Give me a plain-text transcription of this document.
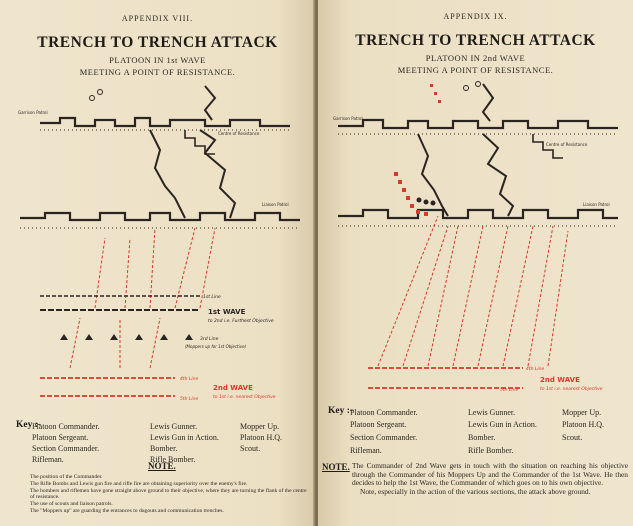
APPENDIX VIII.
TRENCH TO TRENCH ATTACK
PLATOON IN 1st WAVE
MEETING A POINT OF RESISTANCE.
Garrison Patrol
Centre of Resistance
Liaison Patrol
1st Line
1st WAVE
to 2nd i.e. Furthest Objective
3rd Line
(Moppers up for 1st Objective)
4th Line
5th Line
2nd WAVE
to 1st i.e. nearest Objective
Key :-
Platoon Commander.	Lewis Gunner.	Mopper Up.
Platoon Sergeant.	Lewis Gun in Action.	Platoon H.Q.
Section Commander.	Bomber.	Scout.
Rifleman.	Rifle Bomber.
NOTE.

The position of the Commander.

The Rifle Bombs and Lewis gun fire and rifle fire are obtaining superiority over the enemy's fire.

The bombers and riflemen have gone straight above ground to their objective, where they are turning the flank of the centre of resistance.

The use of scouts and liaison patrols.

The "Moppers up" are guarding the entrances to dugouts and communication trenches.

APPENDIX IX.
TRENCH TO TRENCH ATTACK
PLATOON IN 2nd WAVE
MEETING A POINT OF RESISTANCE.
Garrison Patrol
Centre of Resistance
Liaison Patrol
4th Line
5th Line
2nd WAVE
to 1st i.e. nearest Objective
Key :-
Platoon Commander.	Lewis Gunner.	Mopper Up.
Platoon Sergeant.	Lewis Gun in Action.	Platoon H.Q.
Section Commander.	Bomber.	Scout.
Rifleman.	Rifle Bomber.
NOTE. The Commander of 2nd Wave gets in touch with the situation on reaching his objective through the Commander of his Moppers Up and the Commander of the 1st Wave. He then decides to help the 1st Wave, the Commander of which goes on to his own objective.

Note, especially in the action of the various sections, the attack above ground.
